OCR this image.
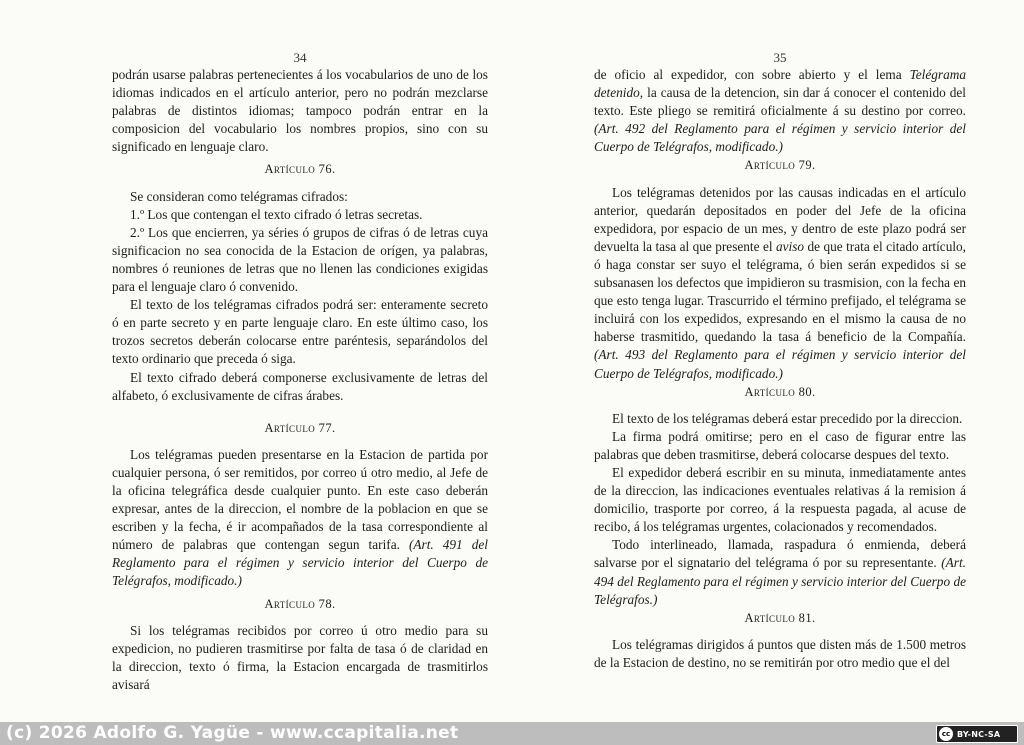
34

podrán usarse palabras pertenecientes á los vocabularios de uno de los idiomas indicados en el artículo anterior, pero no podrán mezclarse palabras de distintos idiomas; tampoco podrán entrar en la composicion del vocabulario los nombres propios, sino con su significado en lenguaje claro.

Artículo 76.

Se consideran como telégramas cifrados:

1.º Los que contengan el texto cifrado ó letras secretas.

2.º Los que encierren, ya séries ó grupos de cifras ó de letras cuya significacion no sea conocida de la Estacion de orígen, ya palabras, nombres ó reuniones de letras que no llenen las condiciones exigidas para el lenguaje claro ó convenido.

El texto de los telégramas cifrados podrá ser: enteramente secreto ó en parte secreto y en parte lenguaje claro. En este último caso, los trozos secretos deberán colocarse entre paréntesis, separándolos del texto ordinario que preceda ó siga.

El texto cifrado deberá componerse exclusivamente de letras del alfabeto, ó exclusivamente de cifras árabes.

Artículo 77.

Los telégramas pueden presentarse en la Estacion de partida por cualquier persona, ó ser remitidos, por correo ú otro medio, al Jefe de la oficina telegráfica desde cualquier punto. En este caso deberán expresar, antes de la direccion, el nombre de la poblacion en que se escriben y la fecha, é ir acompañados de la tasa correspondiente al número de palabras que contengan segun tarifa. (Art. 491 del Reglamento para el régimen y servicio interior del Cuerpo de Telégrafos, modificado.)

Artículo 78.

Si los telégramas recibidos por correo ú otro medio para su expedicion, no pudieren trasmitirse por falta de tasa ó de claridad en la direccion, texto ó firma, la Estacion encargada de trasmitirlos avisará

35

de oficio al expedidor, con sobre abierto y el lema Telégrama detenido, la causa de la detencion, sin dar á conocer el contenido del texto. Este pliego se remitirá oficialmente á su destino por correo. (Art. 492 del Reglamento para el régimen y servicio interior del Cuerpo de Telégrafos, modificado.)

Artículo 79.

Los telégramas detenidos por las causas indicadas en el artículo anterior, quedarán depositados en poder del Jefe de la oficina expedidora, por espacio de un mes, y dentro de este plazo podrá ser devuelta la tasa al que presente el aviso de que trata el citado artículo, ó haga constar ser suyo el telégrama, ó bien serán expedidos si se subsanasen los defectos que impidieron su trasmision, con la fecha en que esto tenga lugar. Trascurrido el término prefijado, el telégrama se incluirá con los expedidos, expresando en el mismo la causa de no haberse trasmitido, quedando la tasa á beneficio de la Compañía. (Art. 493 del Reglamento para el régimen y servicio interior del Cuerpo de Telégrafos, modificado.)

Artículo 80.

El texto de los telégramas deberá estar precedido por la direccion.

La firma podrá omitirse; pero en el caso de figurar entre las palabras que deben trasmitirse, deberá colocarse despues del texto.

El expedidor deberá escribir en su minuta, inmediatamente antes de la direccion, las indicaciones eventuales relativas á la remision á domicilio, trasporte por correo, á la respuesta pagada, al acuse de recibo, á los telégramas urgentes, colacionados y recomendados.

Todo interlineado, llamada, raspadura ó enmienda, deberá salvarse por el signatario del telégrama ó por su representante. (Art. 494 del Reglamento para el régimen y servicio interior del Cuerpo de Telégrafos.)

Artículo 81.

Los telégramas dirigidos á puntos que disten más de 1.500 metros de la Estacion de destino, no se remitirán por otro medio que el del

(c) 2026 Adolfo G. Yagüe - www.ccapitalia.net	cc BY-NC-SA
